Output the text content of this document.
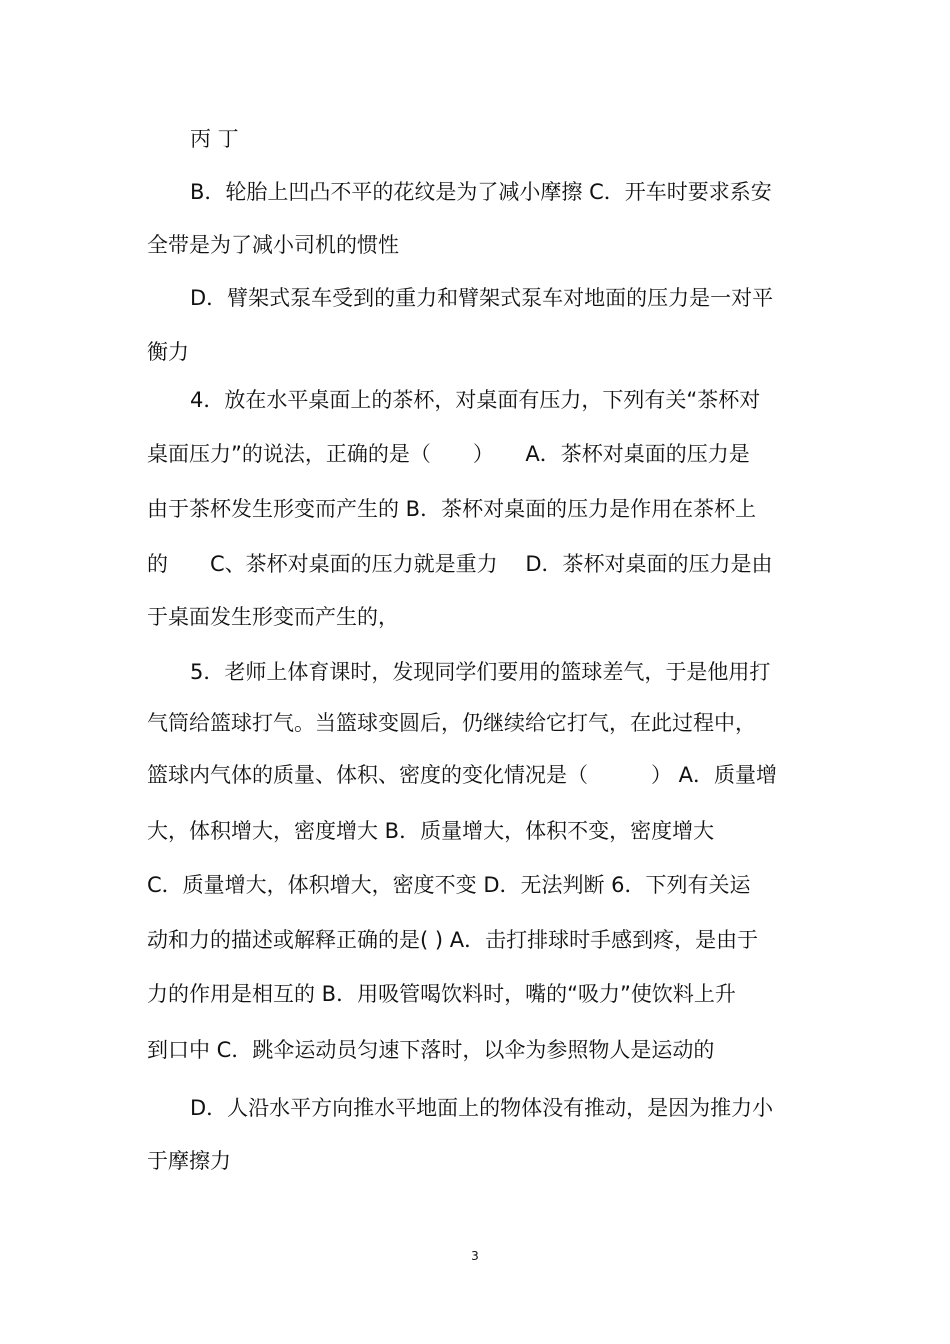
丙 丁
B．轮胎上凹凸不平的花纹是为了减小摩擦 C．开车时要求系安
全带是为了减小司机的惯性
D．臂架式泵车受到的重力和臂架式泵车对地面的压力是一对平
衡力
4．放在水平桌面上的茶杯，对桌面有压力，下列有关“茶杯对
桌面压力”的说法，正确的是（　　）　　A．茶杯对桌面的压力是
由于茶杯发生形变而产生的 B．茶杯对桌面的压力是作用在茶杯上
的　　C、茶杯对桌面的压力就是重力　 D．茶杯对桌面的压力是由
于桌面发生形变而产生的，
5．老师上体育课时，发现同学们要用的篮球差气，于是他用打
气筒给篮球打气。当篮球变圆后，仍继续给它打气，在此过程中，
篮球内气体的质量、体积、密度的变化情况是（　　　） A．质量增
大，体积增大，密度增大 B．质量增大，体积不变，密度增大
C．质量增大，体积增大，密度不变 D．无法判断 6．下列有关运
动和力的描述或解释正确的是( ) A．击打排球时手感到疼，是由于
力的作用是相互的 B．用吸管喝饮料时，嘴的“吸力”使饮料上升
到口中 C．跳伞运动员匀速下落时，以伞为参照物人是运动的
D．人沿水平方向推水平地面上的物体没有推动，是因为推力小
于摩擦力
3
